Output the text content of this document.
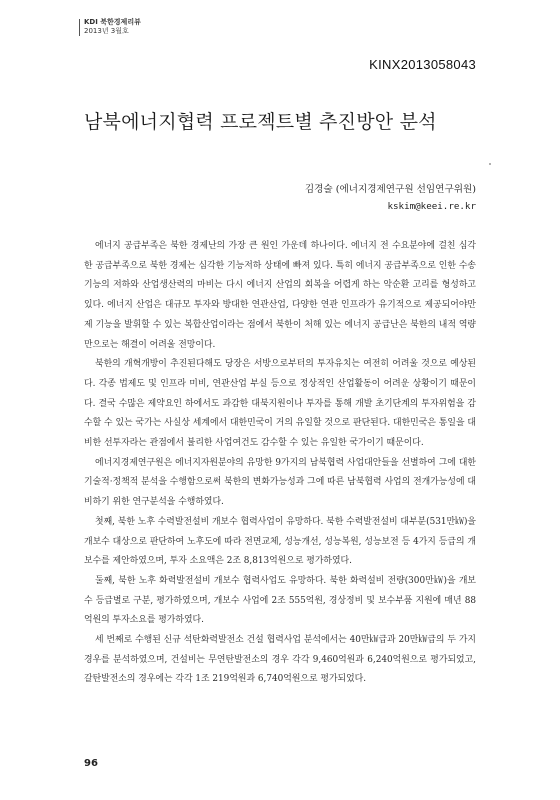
KDI 북한경제리뷰
2013년 3월호
KINX2013058043
남북에너지협력 프로젝트별 추진방안 분석
김경술 (에너지경제연구원 선임연구위원)
kskim@keei.re.kr

에너지 공급부족은 북한 경제난의 가장 큰 원인 가운데 하나이다. 에너지 전 수요분야에 걸친 심각한 공급부족으로 북한 경제는 심각한 기능저하 상태에 빠져 있다. 특히 에너지 공급부족으로 인한 수송기능의 저하와 산업생산력의 마비는 다시 에너지 산업의 회복을 어렵게 하는 악순환 고리를 형성하고 있다. 에너지 산업은 대규모 투자와 방대한 연관산업, 다양한 연관 인프라가 유기적으로 제공되어야만 제 기능을 발휘할 수 있는 복합산업이라는 점에서 북한이 처해 있는 에너지 공급난은 북한의 내적 역량만으로는 해결이 어려울 전망이다.

북한의 개혁개방이 추진된다해도 당장은 서방으로부터의 투자유치는 여전히 어려울 것으로 예상된다. 각종 법제도 및 인프라 미비, 연관산업 부실 등으로 정상적인 산업활동이 어려운 상황이기 때문이다. 결국 수많은 제약요인 하에서도 과감한 대북지원이나 투자를 통해 개발 초기단계의 투자위험을 감수할 수 있는 국가는 사실상 세계에서 대한민국이 거의 유일할 것으로 판단된다. 대한민국은 통일을 대비한 선투자라는 관점에서 불리한 사업여건도 감수할 수 있는 유일한 국가이기 때문이다.

에너지경제연구원은 에너지자원분야의 유망한 9가지의 남북협력 사업대안들을 선별하여 그에 대한 기술적·정책적 분석을 수행함으로써 북한의 변화가능성과 그에 따른 남북협력 사업의 전개가능성에 대비하기 위한 연구분석을 수행하였다.

첫째, 북한 노후 수력발전설비 개보수 협력사업이 유망하다. 북한 수력발전설비 대부분(531만㎾)을 개보수 대상으로 판단하여 노후도에 따라 전면교체, 성능개선, 성능복원, 성능보전 등 4가지 등급의 개보수를 제안하였으며, 투자 소요액은 2조 8,813억원으로 평가하였다.

둘째, 북한 노후 화력발전설비 개보수 협력사업도 유망하다. 북한 화력설비 전량(300만㎾)을 개보수 등급별로 구분, 평가하였으며, 개보수 사업에 2조 555억원, 경상정비 및 보수부품 지원에 매년 88억원의 투자소요를 평가하였다.

세 번째로 수행된 신규 석탄화력발전소 건설 협력사업 분석에서는 40만㎾급과 20만㎾급의 두 가지 경우를 분석하였으며, 건설비는 무연탄발전소의 경우 각각 9,460억원과 6,240억원으로 평가되었고, 갈탄발전소의 경우에는 각각 1조 219억원과 6,740억원으로 평가되었다.

96
